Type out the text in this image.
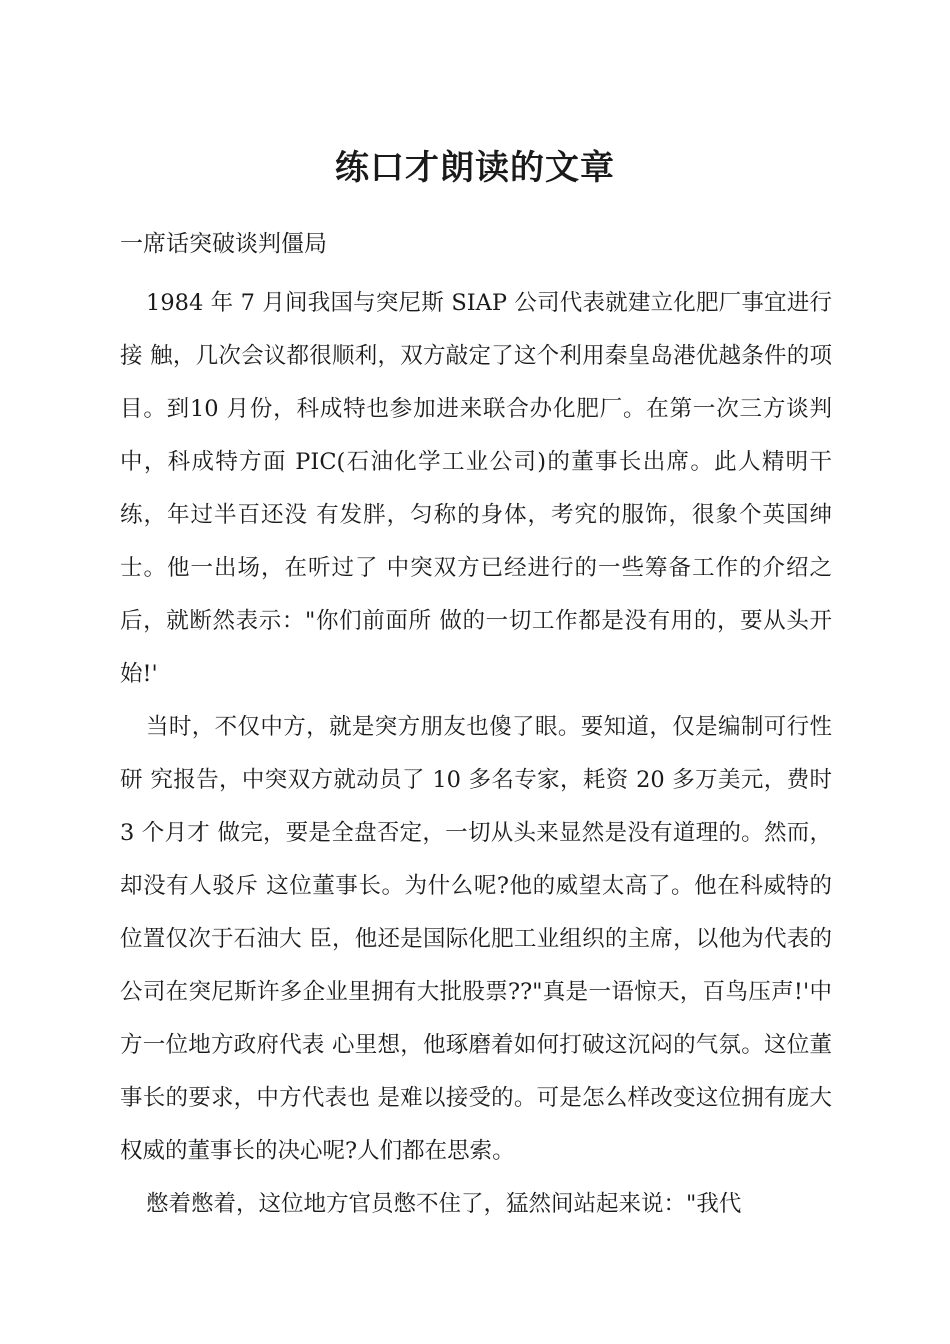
练口才朗读的文章

一席话突破谈判僵局

1984 年 7 月间我国与突尼斯 SIAP 公司代表就建立化肥厂事宜进行接 触，几次会议都很顺利，双方敲定了这个利用秦皇岛港优越条件的项目。到10 月份，科成特也参加进来联合办化肥厂。在第一次三方谈判中，科成特方面 PIC(石油化学工业公司)的董事长出席。此人精明干练，年过半百还没 有发胖，匀称的身体，考究的服饰，很象个英国绅士。他一出场，在听过了 中突双方已经进行的一些筹备工作的介绍之后，就断然表示："你们前面所 做的一切工作都是没有用的，要从头开始!'

当时，不仅中方，就是突方朋友也傻了眼。要知道，仅是编制可行性研 究报告，中突双方就动员了 10 多名专家，耗资 20 多万美元，费时 3 个月才 做完，要是全盘否定，一切从头来显然是没有道理的。然而，却没有人驳斥 这位董事长。为什么呢?他的威望太高了。他在科威特的位置仅次于石油大 臣，他还是国际化肥工业组织的主席，以他为代表的公司在突尼斯许多企业里拥有大批股票??"真是一语惊天，百鸟压声!'中方一位地方政府代表 心里想，他琢磨着如何打破这沉闷的气氛。这位董事长的要求，中方代表也 是难以接受的。可是怎么样改变这位拥有庞大权威的董事长的决心呢?人们都在思索。

憋着憋着，这位地方官员憋不住了，猛然间站起来说："我代
